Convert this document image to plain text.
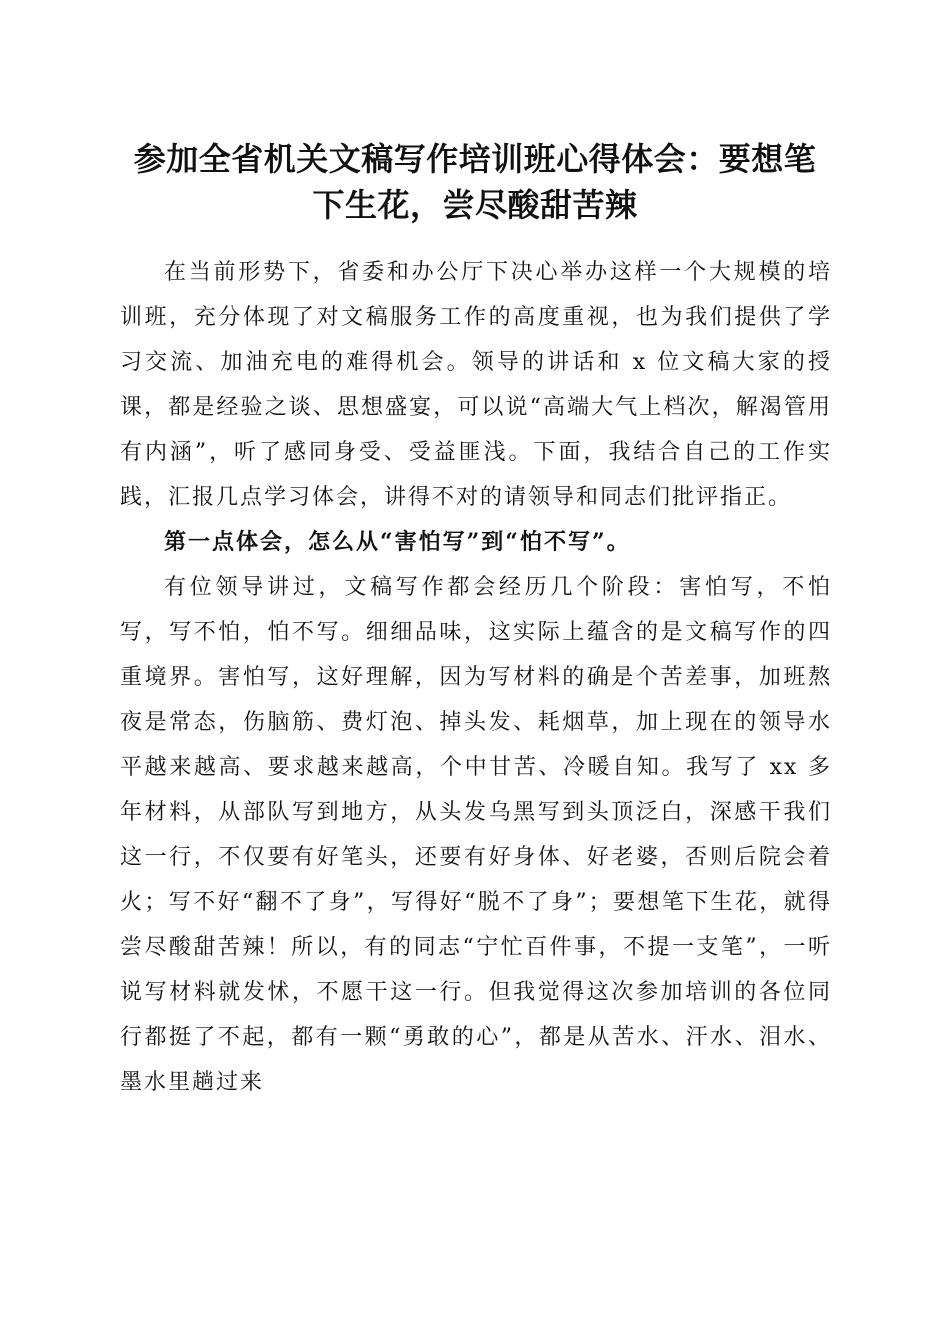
参加全省机关文稿写作培训班心得体会：要想笔下生花，尝尽酸甜苦辣

在当前形势下，省委和办公厅下决心举办这样一个大规模的培训班，充分体现了对文稿服务工作的高度重视，也为我们提供了学习交流、加油充电的难得机会。领导的讲话和 x 位文稿大家的授课，都是经验之谈、思想盛宴，可以说“高端大气上档次，解渴管用有内涵”，听了感同身受、受益匪浅。下面，我结合自己的工作实践，汇报几点学习体会，讲得不对的请领导和同志们批评指正。

第一点体会，怎么从“害怕写”到“怕不写”。

有位领导讲过，文稿写作都会经历几个阶段：害怕写，不怕写，写不怕，怕不写。细细品味，这实际上蕴含的是文稿写作的四重境界。害怕写，这好理解，因为写材料的确是个苦差事，加班熬夜是常态，伤脑筋、费灯泡、掉头发、耗烟草，加上现在的领导水平越来越高、要求越来越高，个中甘苦、冷暖自知。我写了 xx 多年材料，从部队写到地方，从头发乌黑写到头顶泛白，深感干我们这一行，不仅要有好笔头，还要有好身体、好老婆，否则后院会着火；写不好“翻不了身”，写得好“脱不了身”；要想笔下生花，就得尝尽酸甜苦辣！所以，有的同志“宁忙百件事，不提一支笔”，一听说写材料就发怵，不愿干这一行。但我觉得这次参加培训的各位同行都挺了不起，都有一颗“勇敢的心”，都是从苦水、汗水、泪水、墨水里趟过来
